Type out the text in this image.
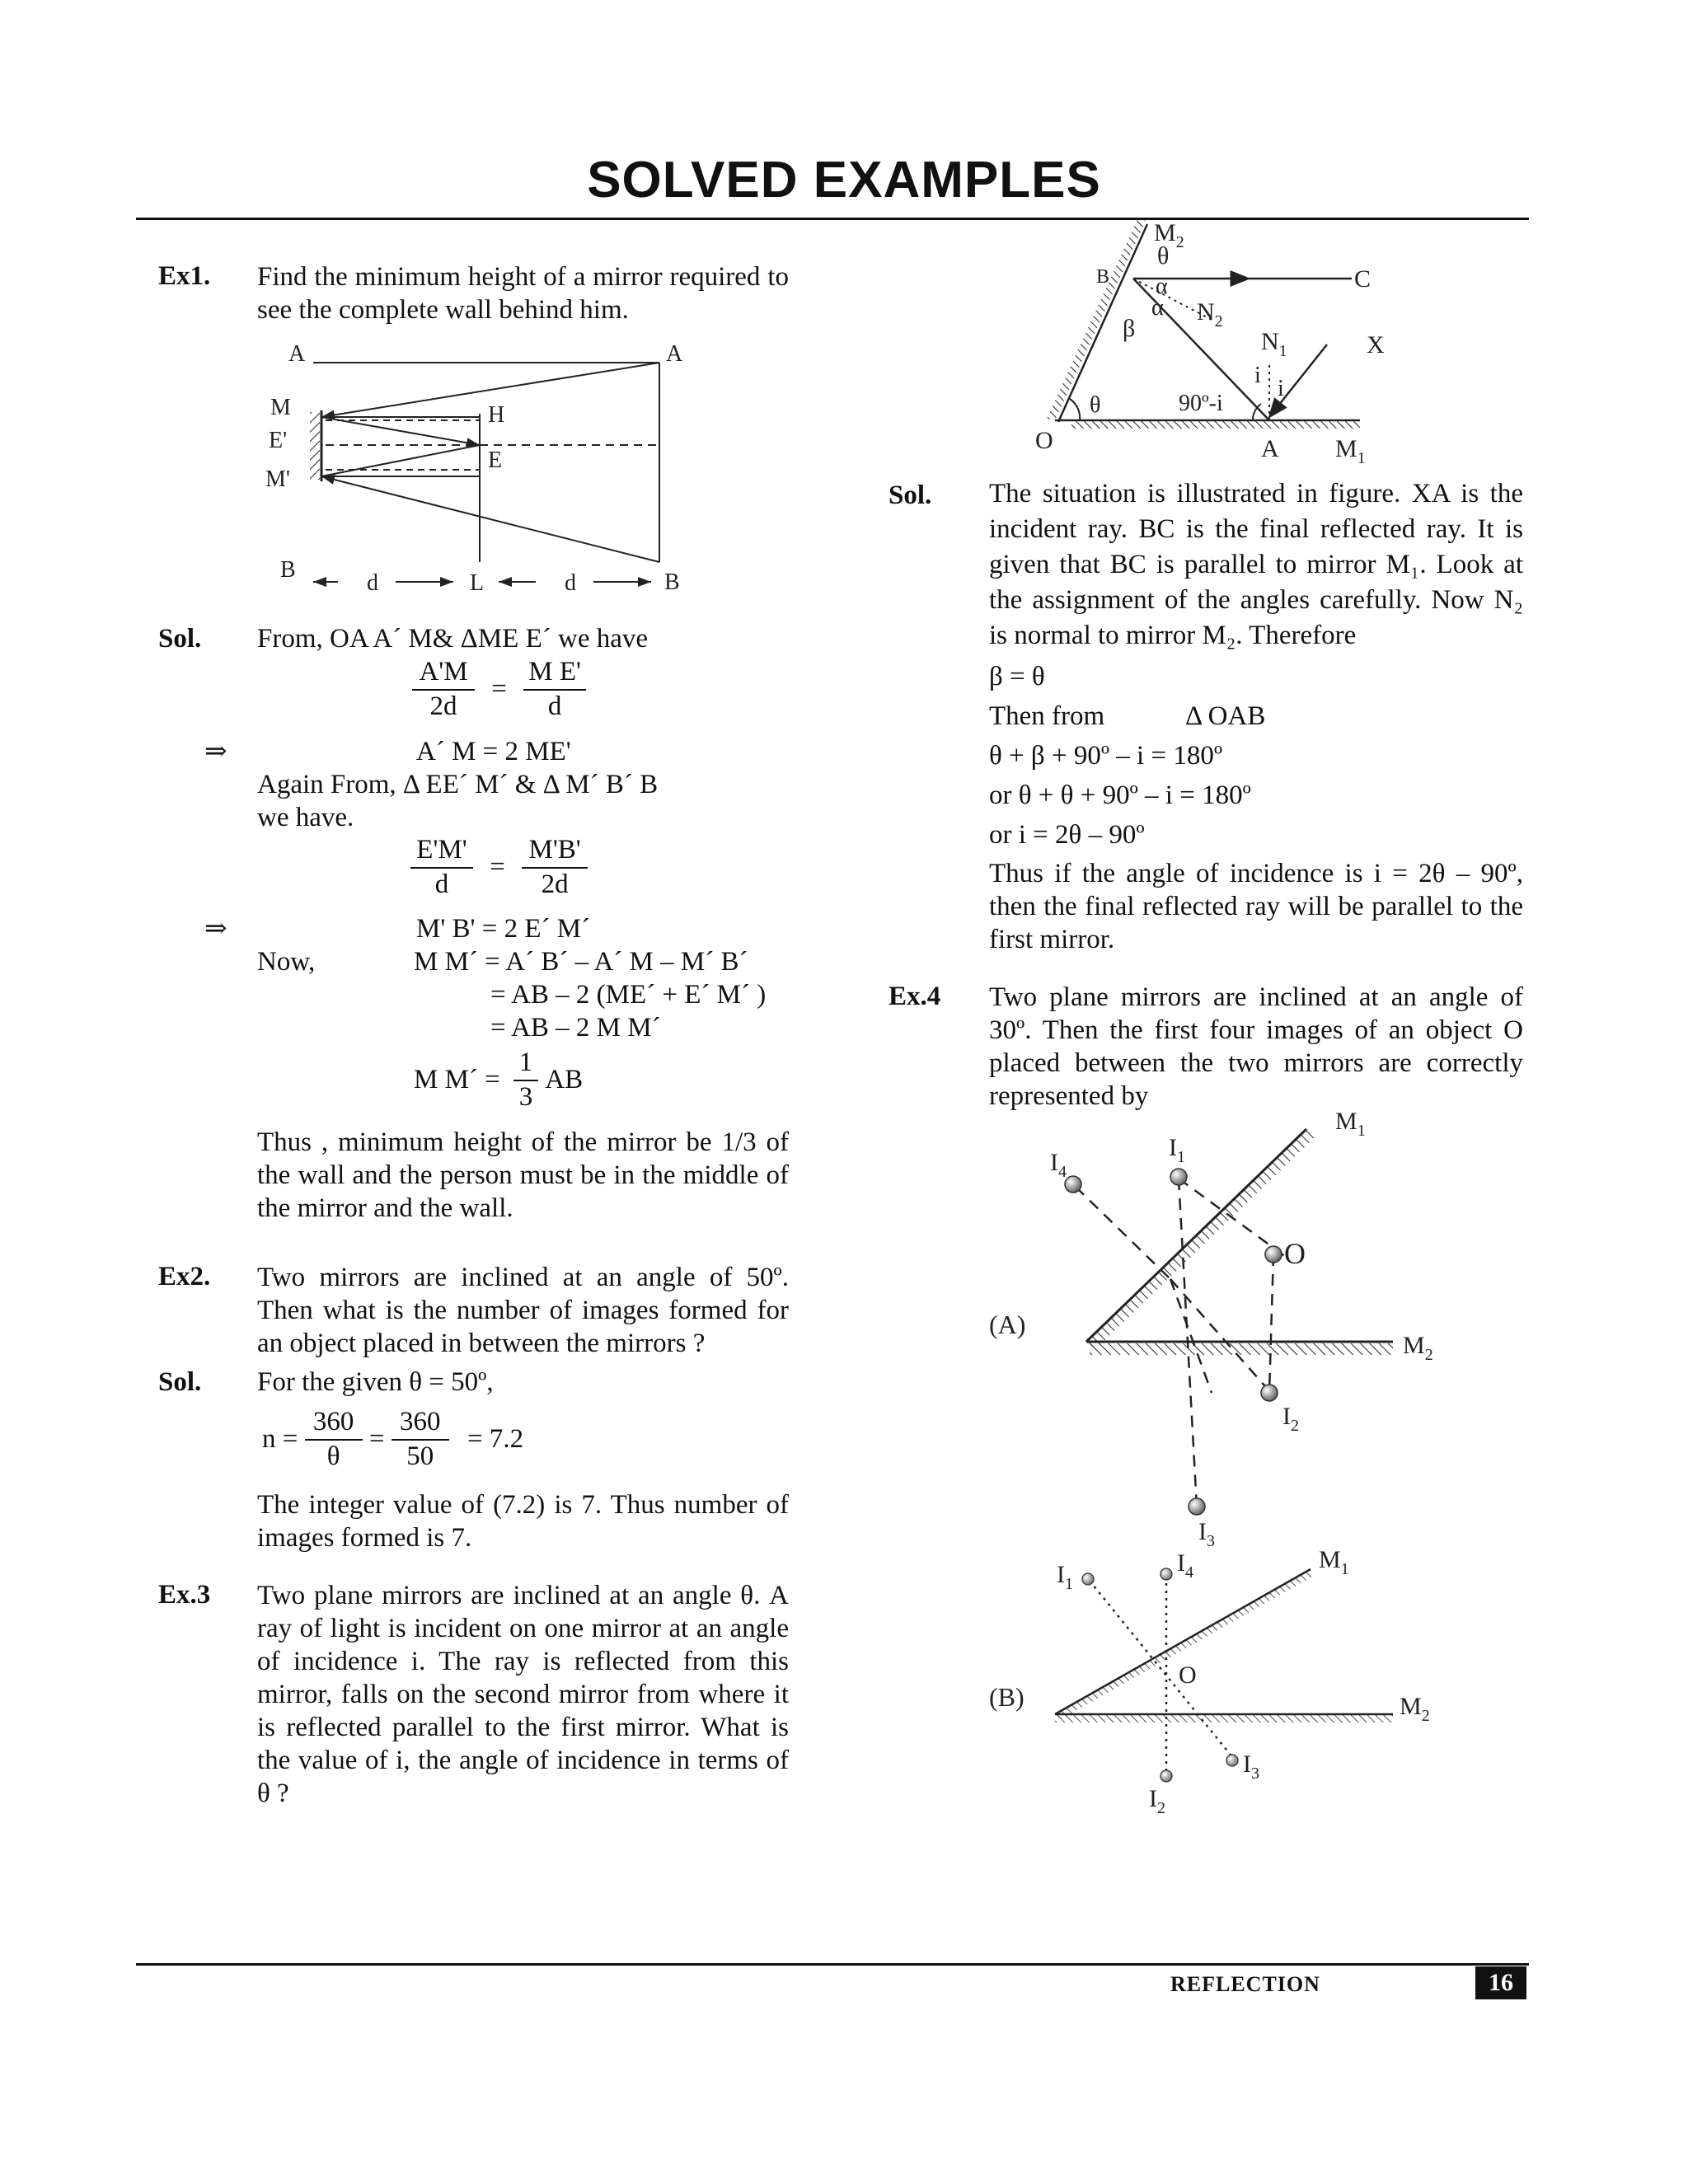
SOLVED EXAMPLES
Ex1. Find the minimum height of a mirror required to see the complete wall behind him.
A	A
M
E'
M'
H
E
B	B
L
d	d
Sol. From, OA A´ M& ΔME E´ we have
$\frac{A'M}{2d} = \frac{\text{M E'}}{d}$
⇒	A´ M = 2 ME'
Again From, Δ EE´ M´ & Δ M´ B´ B
we have.
$\frac{E'M'}{d} = \frac{M'B'}{2d}$
⇒	M' B' = 2 E´ M´
Now,	M M´ = A´ B´ – A´ M – M´ B´
= AB – 2 (ME´ + E´ M´ )
= AB – 2 M M´
M M´ = $\frac{1}{3}$ AB
Thus , minimum height of the mirror be 1/3 of the wall and the person must be in the middle of the mirror and the wall.
Ex2. Two mirrors are inclined at an angle of 50º. Then what is the number of images formed for an object placed in between the mirrors ?
Sol. For the given θ = 50º,
$n = \frac{360}{\theta} = \frac{360}{50} = 7.2$
The integer value of (7.2) is 7. Thus number of images formed is 7.
Ex.3 Two plane mirrors are inclined at an angle θ. A ray of light is incident on one mirror at an angle of incidence i. The ray is reflected from this mirror, falls on the second mirror from where it is reflected parallel to the first mirror. What is the value of i, the angle of incidence in terms of θ ?
$M_2$
θ
B	C
α
α $N_2$
$N_1$
β
X
i
i
θ	90º-i
O	A $M_1$
Sol. The situation is illustrated in figure. XA is the incident ray. BC is the final reflected ray. It is given that BC is parallel to mirror M₁. Look at the assignment of the angles carefully. Now N₂ is normal to mirror M₂. Therefore
β = θ
Then from	Δ OAB
θ + β + 90º – i = 180º
or θ + θ + 90º – i = 180º
or i = 2θ – 90º
Thus if the angle of incidence is i = 2θ – 90º, then the final reflected ray will be parallel to the first mirror.
Ex.4 Two plane mirrors are inclined at an angle of 30º. Then the first four images of an object O placed between the two mirrors are correctly represented by
(A)
$M_1$
$M_2$
$I_1$
$I_4$
O
$I_2$
$I_3$
(B)
$M_1$
$M_2$
$I_1$
$I_4$
O
$I_3$
$I_2$
REFLECTION	16
